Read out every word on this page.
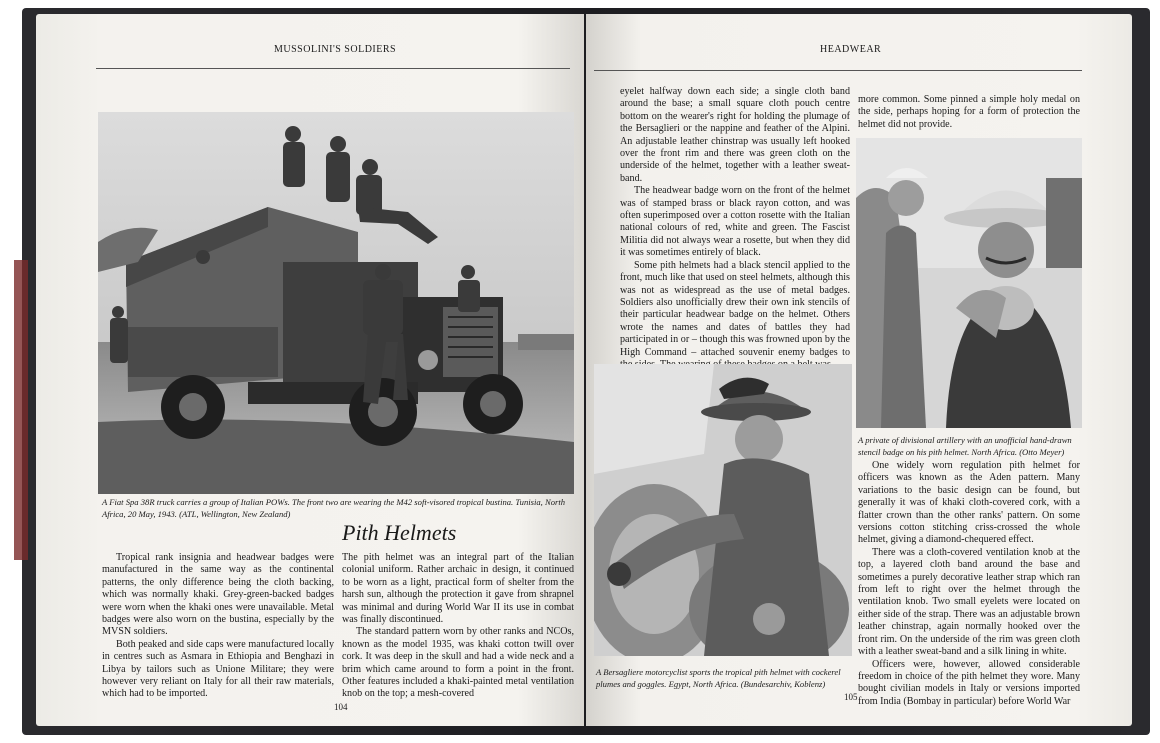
MUSSOLINI'S SOLDIERS
A Fiat Spa 38R truck carries a group of Italian POWs. The front two are wearing the M42 soft-visored tropical bustina. Tunisia, North Africa, 20 May, 1943. (ATL, Wellington, New Zealand)
Pith Helmets

Tropical rank insignia and headwear badges were manufactured in the same way as the continental patterns, the only difference being the cloth backing, which was normally khaki. Grey-green-backed badges were worn when the khaki ones were unavailable. Metal badges were also worn on the bustina, especially by the MVSN soldiers.

Both peaked and side caps were manufactured locally in centres such as Asmara in Ethiopia and Benghazi in Libya by tailors such as Unione Militare; they were however very reliant on Italy for all their raw materials, which had to be imported.

The pith helmet was an integral part of the Italian colonial uniform. Rather archaic in design, it continued to be worn as a light, practical form of shelter from the harsh sun, although the protection it gave from shrapnel was minimal and during World War II its use in combat was finally discontinued.

The standard pattern worn by other ranks and NCOs, known as the model 1935, was khaki cotton twill over cork. It was deep in the skull and had a wide neck and a brim which came around to form a point in the front. Other features included a khaki-painted metal ventilation knob on the top; a mesh-covered

104
HEADWEAR

eyelet halfway down each side; a single cloth band around the base; a small square cloth pouch centre bottom on the wearer's right for holding the plumage of the Bersaglieri or the nappine and feather of the Alpini. An adjustable leather chinstrap was usually left hooked over the front rim and there was green cloth on the underside of the helmet, together with a leather sweat-band.

The headwear badge worn on the front of the helmet was of stamped brass or black rayon cotton, and was often superimposed over a cotton rosette with the Italian national colours of red, white and green. The Fascist Militia did not always wear a rosette, but when they did it was sometimes entirely of black.

Some pith helmets had a black stencil applied to the front, much like that used on steel helmets, although this was not as widespread as the use of metal badges. Soldiers also unofficially drew their own ink stencils of their particular headwear badge on the helmet. Others wrote the names and dates of battles they had participated in or – though this was frowned upon by the High Command – attached souvenir enemy badges to

more common. Some pinned a simple holy medal on the side, perhaps hoping for a form of protection the helmet did not provide.

A private of divisional artillery with an unofficial hand-drawn stencil badge on his pith helmet. North Africa. (Otto Meyer)
A Bersagliere motorcyclist sports the tropical pith helmet with cockerel plumes and goggles. Egypt, North Africa. (Bundesarchiv, Koblenz)

One widely worn regulation pith helmet for officers was known as the Aden pattern. Many variations to the basic design can be found, but generally it was of khaki cloth-covered cork, with a flatter crown than the other ranks' pattern. On some versions cotton stitching criss-crossed the whole helmet, giving a diamond-chequered effect.

There was a cloth-covered ventilation knob at the top, a layered cloth band around the base and sometimes a purely decorative leather strap which ran from left to right over the helmet through the ventilation knob. Two small eyelets were located on either side of the strap. There was an adjustable brown leather chinstrap, again normally hooked over the front rim. On the underside of the rim was green cloth with a leather sweat-band and a silk lining in white.

Officers were, however, allowed considerable freedom in choice of the pith helmet they wore. Many bought civilian models in Italy or versions imported from India (Bombay in particular) before World War

105
